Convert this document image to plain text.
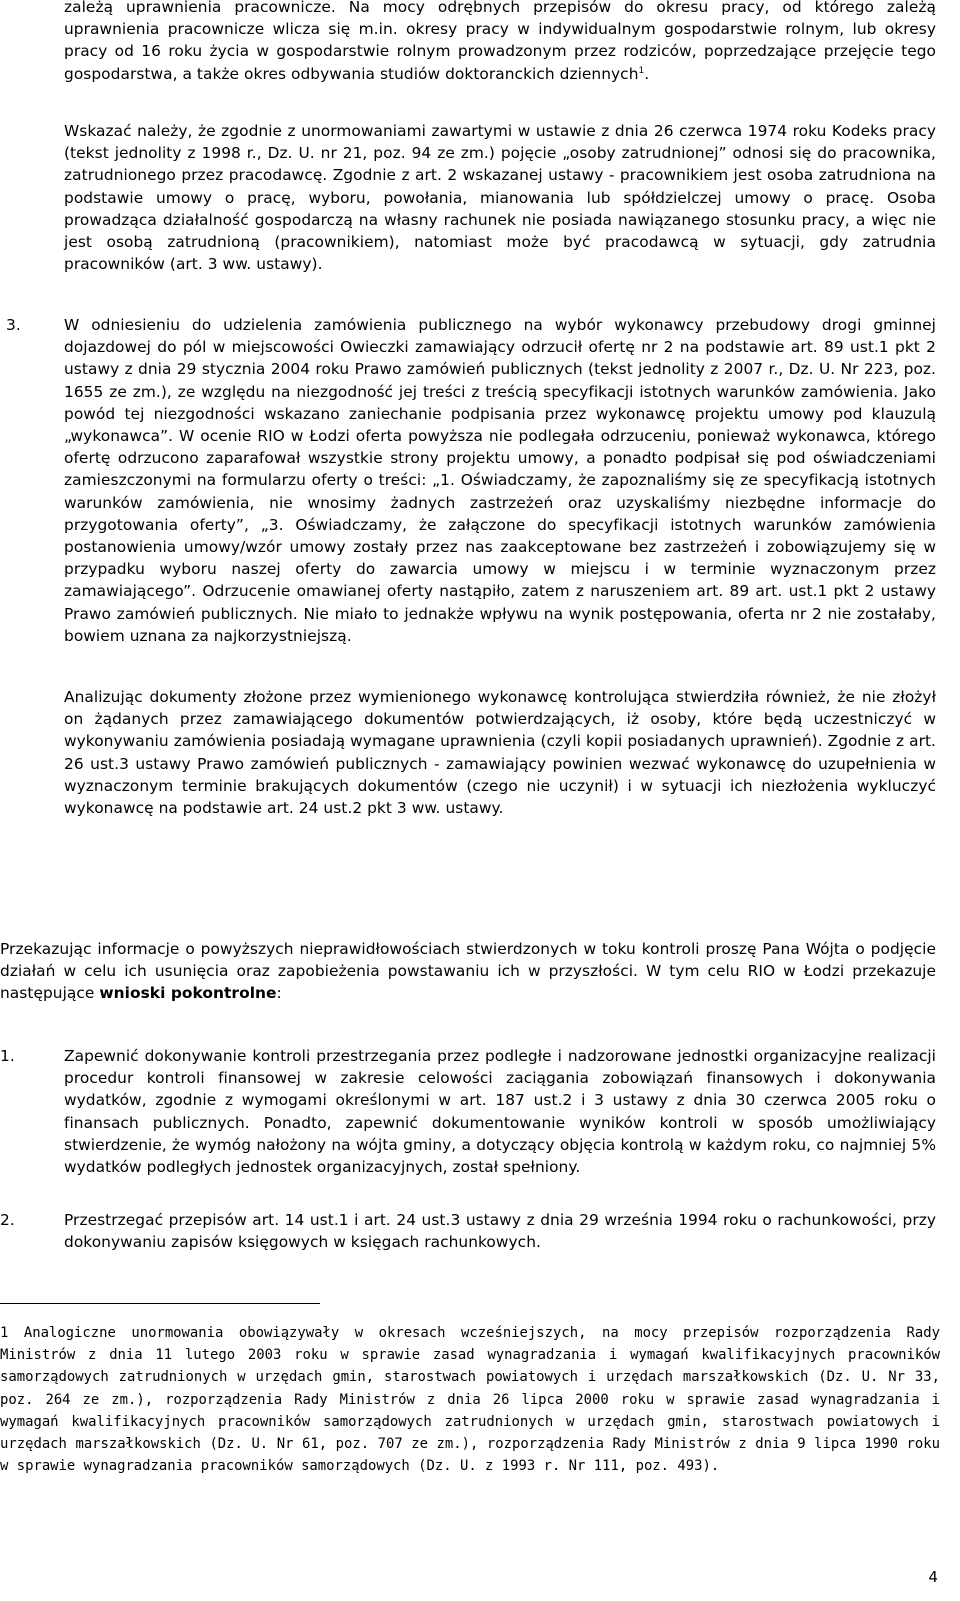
zależą uprawnienia pracownicze. Na mocy odrębnych przepisów do okresu pracy, od którego zależą uprawnienia pracownicze wlicza się m.in. okresy pracy w indywidualnym gospodarstwie rolnym, lub okresy pracy od 16 roku życia w gospodarstwie rolnym prowadzonym przez rodziców, poprzedzające przejęcie tego gospodarstwa, a także okres odbywania studiów doktoranckich dziennych$^1$.

Wskazać należy, że zgodnie z unormowaniami zawartymi w ustawie z dnia 26 czerwca 1974 roku Kodeks pracy (tekst jednolity z 1998 r., Dz. U. nr 21, poz. 94 ze zm.) pojęcie „osoby zatrudnionej” odnosi się do pracownika, zatrudnionego przez pracodawcę. Zgodnie z art. 2 wskazanej ustawy - pracownikiem jest osoba zatrudniona na podstawie umowy o pracę, wyboru, powołania, mianowania lub spółdzielczej umowy o pracę. Osoba prowadząca działalność gospodarczą na własny rachunek nie posiada nawiązanego stosunku pracy, a więc nie jest osobą zatrudnioną (pracownikiem), natomiast może być pracodawcą w sytuacji, gdy zatrudnia pracowników (art. 3 ww. ustawy).

3.	W odniesieniu do udzielenia zamówienia publicznego na wybór wykonawcy przebudowy drogi gminnej dojazdowej do pól w miejscowości Owieczki zamawiający odrzucił ofertę nr 2 na podstawie art. 89 ust.1 pkt 2 ustawy z dnia 29 stycznia 2004 roku Prawo zamówień publicznych (tekst jednolity z 2007 r., Dz. U. Nr 223, poz. 1655 ze zm.), ze względu na niezgodność jej treści z treścią specyfikacji istotnych warunków zamówienia. Jako powód tej niezgodności wskazano zaniechanie podpisania przez wykonawcę projektu umowy pod klauzulą „wykonawca”. W ocenie RIO w Łodzi oferta powyższa nie podlegała odrzuceniu, ponieważ wykonawca, którego ofertę odrzucono zaparafował wszystkie strony projektu umowy, a ponadto podpisał się pod oświadczeniami zamieszczonymi na formularzu oferty o treści: „1. Oświadczamy, że zapoznaliśmy się ze specyfikacją istotnych warunków zamówienia, nie wnosimy żadnych zastrzeżeń oraz uzyskaliśmy niezbędne informacje do przygotowania oferty”, „3. Oświadczamy, że załączone do specyfikacji istotnych warunków zamówienia postanowienia umowy/wzór umowy zostały przez nas zaakceptowane bez zastrzeżeń i zobowiązujemy się w przypadku wyboru naszej oferty do zawarcia umowy w miejscu i w terminie wyznaczonym przez zamawiającego”. Odrzucenie omawianej oferty nastąpiło, zatem z naruszeniem art. 89 art. ust.1 pkt 2 ustawy Prawo zamówień publicznych. Nie miało to jednakże wpływu na wynik postępowania, oferta nr 2 nie zostałaby, bowiem uznana za najkorzystniejszą.

Analizując dokumenty złożone przez wymienionego wykonawcę kontrolująca stwierdziła również, że nie złożył on żądanych przez zamawiającego dokumentów potwierdzających, iż osoby, które będą uczestniczyć w wykonywaniu zamówienia posiadają wymagane uprawnienia (czyli kopii posiadanych uprawnień). Zgodnie z art. 26 ust.3 ustawy Prawo zamówień publicznych - zamawiający powinien wezwać wykonawcę do uzupełnienia w wyznaczonym terminie brakujących dokumentów (czego nie uczynił) i w sytuacji ich niezłożenia wykluczyć wykonawcę na podstawie art. 24 ust.2 pkt 3 ww. ustawy.

Przekazując informacje o powyższych nieprawidłowościach stwierdzonych w toku kontroli proszę Pana Wójta o podjęcie działań w celu ich usunięcia oraz zapobieżenia powstawaniu ich w przyszłości. W tym celu RIO w Łodzi przekazuje następujące wnioski pokontrolne:

1.	Zapewnić dokonywanie kontroli przestrzegania przez podległe i nadzorowane jednostki organizacyjne realizacji procedur kontroli finansowej w zakresie celowości zaciągania zobowiązań finansowych i dokonywania wydatków, zgodnie z wymogami określonymi w art. 187 ust.2 i 3 ustawy z dnia 30 czerwca 2005 roku o finansach publicznych. Ponadto, zapewnić dokumentowanie wyników kontroli w sposób umożliwiający stwierdzenie, że wymóg nałożony na wójta gminy, a dotyczący objęcia kontrolą w każdym roku, co najmniej 5% wydatków podległych jednostek organizacyjnych, został spełniony.

2.	Przestrzegać przepisów art. 14 ust.1 i art. 24 ust.3 ustawy z dnia 29 września 1994 roku o rachunkowości, przy dokonywaniu zapisów księgowych w księgach rachunkowych.

1 Analogiczne unormowania obowiązywały w okresach wcześniejszych, na mocy przepisów rozporządzenia Rady Ministrów z dnia 11 lutego 2003 roku w sprawie zasad wynagradzania i wymagań kwalifikacyjnych pracowników samorządowych zatrudnionych w urzędach gmin, starostwach powiatowych i urzędach marszałkowskich (Dz. U. Nr 33, poz. 264 ze zm.), rozporządzenia Rady Ministrów z dnia 26 lipca 2000 roku w sprawie zasad wynagradzania i wymagań kwalifikacyjnych pracowników samorządowych zatrudnionych w urzędach gmin, starostwach powiatowych i urzędach marszałkowskich (Dz. U. Nr 61, poz. 707 ze zm.), rozporządzenia Rady Ministrów z dnia 9 lipca 1990 roku w sprawie wynagradzania pracowników samorządowych (Dz. U. z 1993 r. Nr 111, poz. 493).

4
